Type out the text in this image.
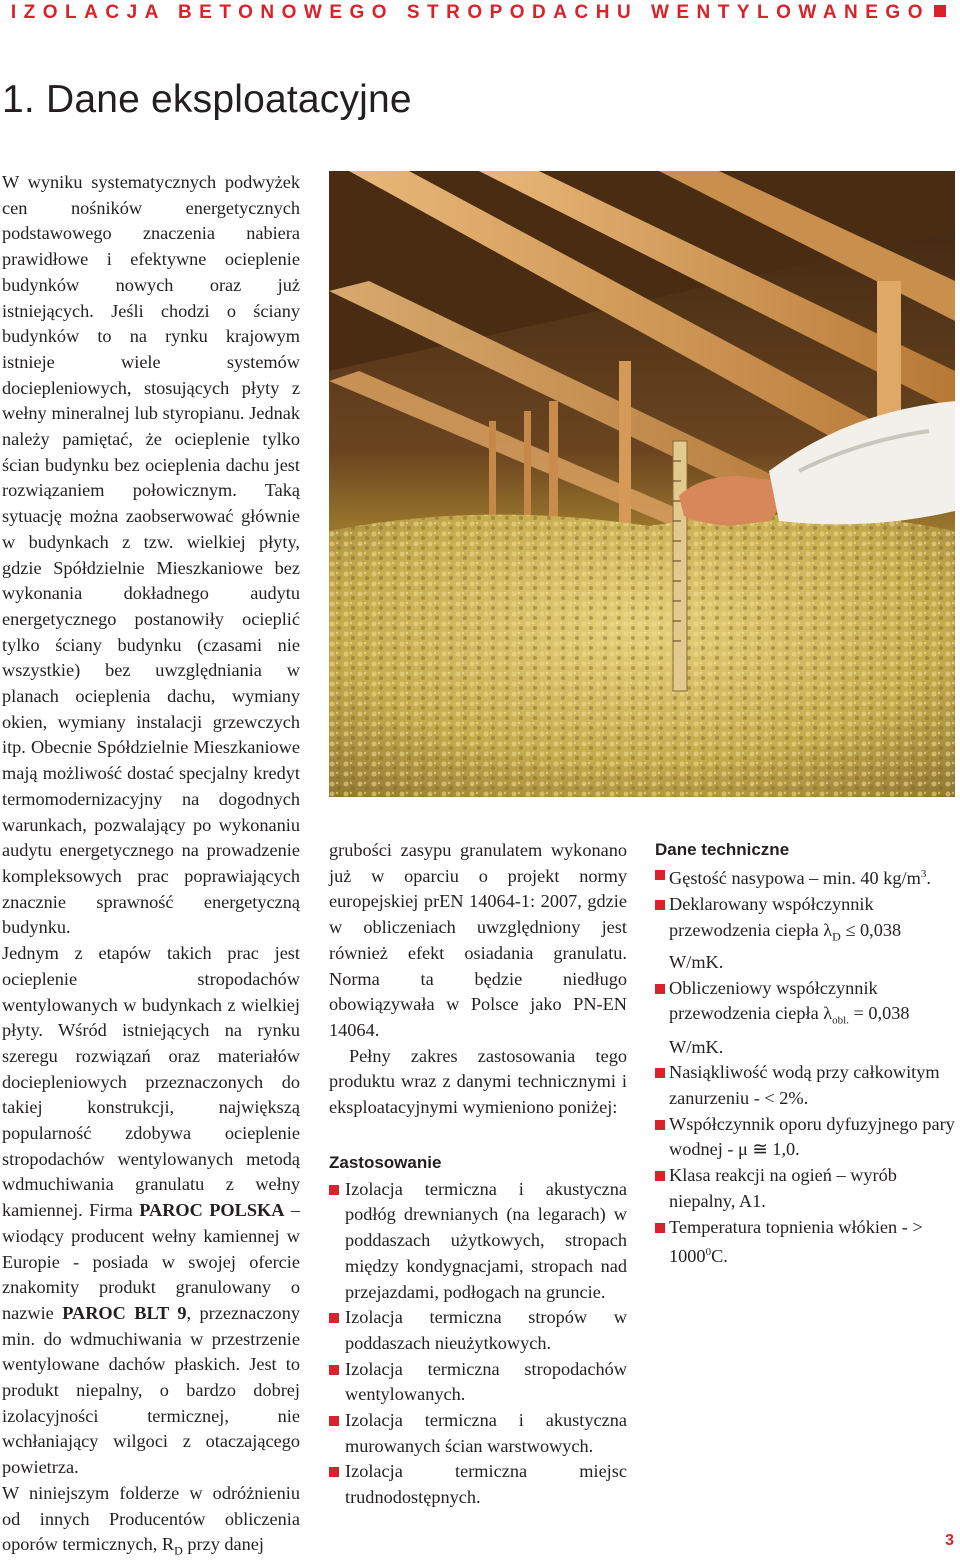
IZOLACJA BETONOWEGO STROPODACHU WENTYLOWANEGO
1. Dane eksploatacyjne

W wyniku systematycznych podwyżek cen nośników energetycznych podstawowego znaczenia nabiera prawidłowe i efektywne ocieplenie budynków nowych oraz już istniejących. Jeśli chodzi o ściany budynków to na rynku krajowym istnieje wiele systemów dociepleniowych, stosujących płyty z wełny mineralnej lub styropianu. Jednak należy pamiętać, że ocieplenie tylko ścian budynku bez ocieplenia dachu jest rozwiązaniem połowicznym. Taką sytuację można zaobserwować głównie w budynkach z tzw. wielkiej płyty, gdzie Spółdzielnie Mieszkaniowe bez wykonania dokładnego audytu energetycznego postanowiły ocieplić tylko ściany budynku (czasami nie wszystkie) bez uwzględniania w planach ocieplenia dachu, wymiany okien, wymiany instalacji grzewczych itp. Obecnie Spółdzielnie Mieszkaniowe mają możliwość dostać specjalny kredyt termomodernizacyjny na dogodnych warunkach, pozwalający po wykonaniu audytu energetycznego na prowadzenie kompleksowych prac poprawiających znacznie sprawność energetyczną budynku.

Jednym z etapów takich prac jest ocieplenie stropodachów wentylowanych w budynkach z wielkiej płyty. Wśród istniejących na rynku szeregu rozwiązań oraz materiałów dociepleniowych przeznaczonych do takiej konstrukcji, największą popularność zdobywa ocieplenie stropodachów wentylowanych metodą wdmuchiwania granulatu z wełny kamiennej. Firma PAROC POLSKA – wiodący producent wełny kamiennej w Europie - posiada w swojej ofercie znakomity produkt granulowany o nazwie PAROC BLT 9, przeznaczony min. do wdmuchiwania w przestrzenie wentylowane dachów płaskich. Jest to produkt niepalny, o bardzo dobrej izolacyjności termicznej, nie wchłaniający wilgoci z otaczającego powietrza.

W niniejszym folderze w odróżnieniu od innych Producentów obliczenia oporów termicznych, $R_D$ przy danej

grubości zasypu granulatem wykonano już w oparciu o projekt normy europejskiej prEN 14064-1: 2007, gdzie w obliczeniach uwzględniony jest również efekt osiadania granulatu. Norma ta będzie niedługo obowiązywała w Polsce jako PN-EN 14064.

Pełny zakres zastosowania tego produktu wraz z danymi technicznymi i eksploatacyjnymi wymieniono poniżej:

Zastosowanie
Izolacja termiczna i akustyczna podłóg drewnianych (na legarach) w poddaszach użytkowych, stropach między kondygnacjami, stropach nad przejazdami, podłogach na gruncie.
Izolacja termiczna stropów w poddaszach nieużytkowych.
Izolacja termiczna stropodachów wentylowanych.
Izolacja termiczna i akustyczna murowanych ścian warstwowych.
Izolacja termiczna miejsc trudnodostępnych.
Dane techniczne
Gęstość nasypowa – min. 40 $kg/m^3$.
Deklarowany współczynnik przewodzenia ciepła $\lambda_D \le 0,038$ W/mK.
Obliczeniowy współczynnik przewodzenia ciepła $\lambda_{obl.} = 0,038$ W/mK.
Nasiąkliwość wodą przy całkowitym zanurzeniu - < 2%.
Współczynnik oporu dyfuzyjnego pary wodnej - μ ≅ 1,0.
Klasa reakcji na ogień – wyrób niepalny, A1.
Temperatura topnienia włókien - > $1000^0C$.
3
